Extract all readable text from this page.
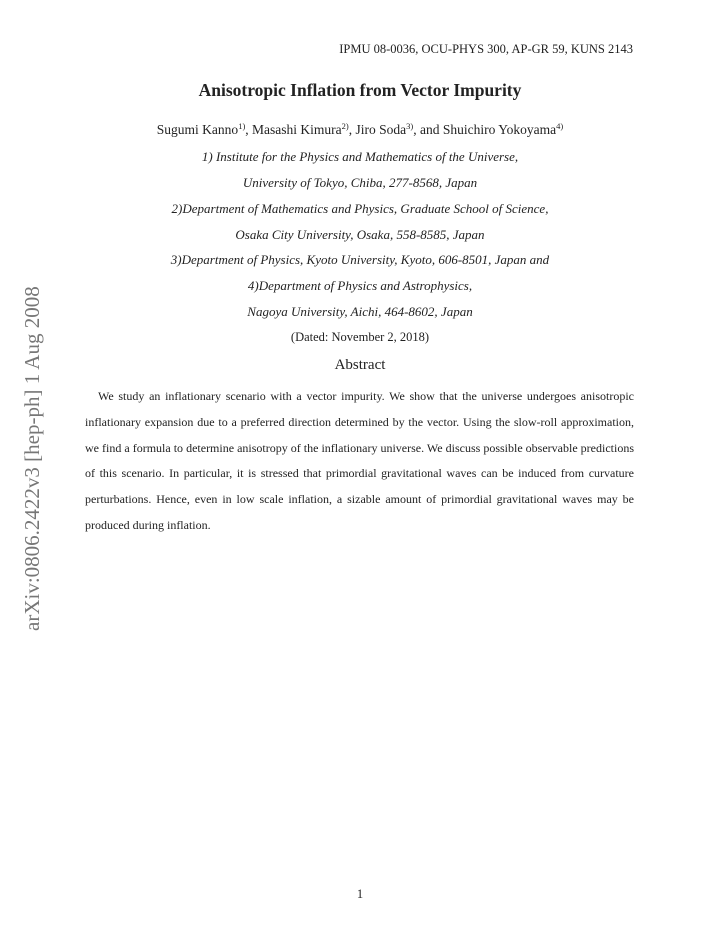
arXiv:0806.2422v3 [hep-ph] 1 Aug 2008
IPMU 08-0036, OCU-PHYS 300, AP-GR 59, KUNS 2143
Anisotropic Inflation from Vector Impurity
Sugumi Kanno$^{1)}$, Masashi Kimura$^{2)}$, Jiro Soda$^{3)}$, and Shuichiro Yokoyama$^{4)}$
1) Institute for the Physics and Mathematics of the Universe,
University of Tokyo, Chiba, 277-8568, Japan
2)Department of Mathematics and Physics, Graduate School of Science,
Osaka City University, Osaka, 558-8585, Japan
3)Department of Physics, Kyoto University, Kyoto, 606-8501, Japan and
4)Department of Physics and Astrophysics,
Nagoya University, Aichi, 464-8602, Japan
(Dated: November 2, 2018)
Abstract

We study an inflationary scenario with a vector impurity. We show that the universe undergoes anisotropic inflationary expansion due to a preferred direction determined by the vector. Using the slow-roll approximation, we find a formula to determine anisotropy of the inflationary universe. We discuss possible observable predictions of this scenario. In particular, it is stressed that primordial gravitational waves can be induced from curvature perturbations. Hence, even in low scale inflation, a sizable amount of primordial gravitational waves may be produced during inflation.

1
